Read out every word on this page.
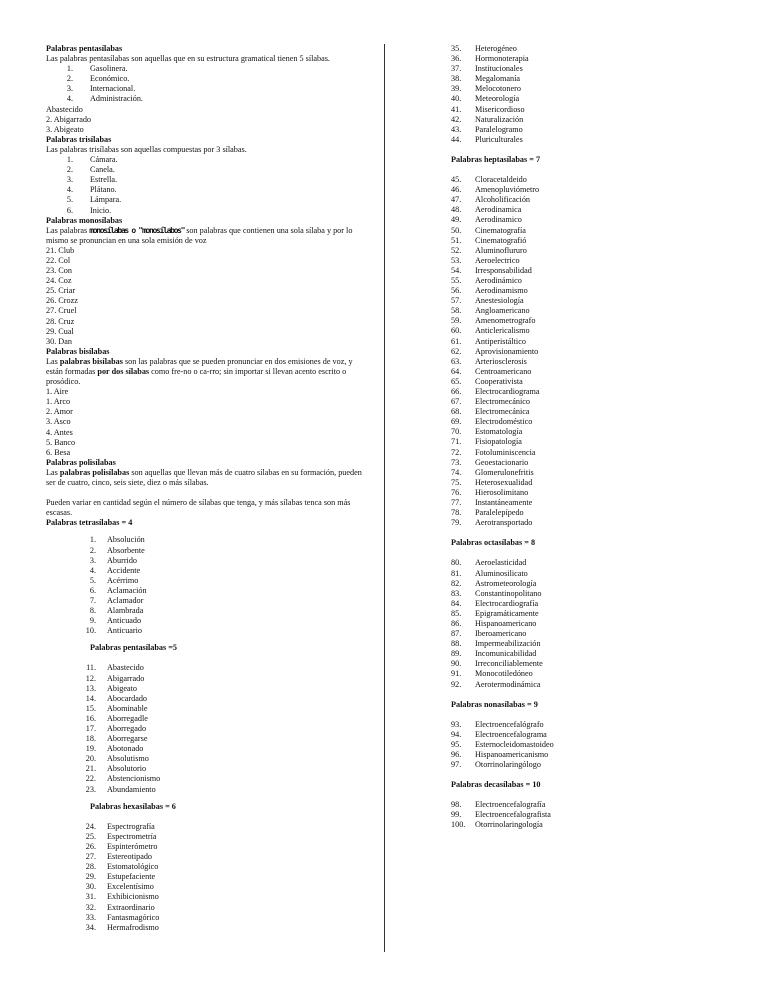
Palabras pentasílabas
Las palabras pentasílabas son aquellas que en su estructura gramatical tienen 5 sílabas.
1. Gasolinera.
2. Económico.
3. Internacional.
4. Administración.
Abastecido
2. Abigarrado
3. Abigeato
Palabras trisílabas
Las palabras trisílabas son aquellas compuestas por 3 sílabas.
1. Cámara.
2. Canela.
3. Estrella.
4. Plátano.
5. Lámpara.
6. Inicio.
Palabras monosílabas
Las palabras monosílabas o "monosílabos" son palabras que contienen una sola sílaba y por lo mismo se pronuncian en una sola emisión de voz
21. Club
22. Col
23. Con
24. Coz
25. Criar
26. Crozz
27. Cruel
28. Cruz
29. Cual
30. Dan
Palabras bisílabas
Las palabras bisílabas son las palabras que se pueden pronunciar en dos emisiones de voz, y están formadas por dos sílabas como fre-no o ca-rro; sin importar si llevan acento escrito o prosódico.
1. Aire
1. Arco
2. Amor
3. Asco
4. Antes
5. Banco
6. Besa
Palabras polisílabas
Las palabras polisílabas son aquellas que llevan más de cuatro sílabas en su formación, pueden ser de cuatro, cinco, seis siete, diez o más sílabas.
Pueden variar en cantidad según el número de sílabas que tenga, y más sílabas tenca son más escasas.
Palabras tetrasílabas = 4
1. Absolución
2. Absorbente
3. Aburrido
4. Accidente
5. Acérrimo
6. Aclamación
7. Aclamador
8. Alambrada
9. Anticuado
10. Anticuario
Palabras pentasílabas =5
11. Abastecido
12. Abigarrado
13. Abigeato
14. Abocardado
15. Abominable
16. Aborregadle
17. Aborregado
18. Aborregarse
19. Abotonado
20. Absolutismo
21. Absolutorio
22. Abstencionismo
23. Abundamiento
Palabras hexasílabas = 6
24. Espectrografía
25. Espectrometría
26. Espinterómetro
27. Estereotipado
28. Estomatológico
29. Estupefaciente
30. Excelentísimo
31. Exhibicionismo
32. Extraordinario
33. Fantasmagórico
34. Hermafrodismo
35. Heterogéneo
36. Hormonoterapia
37. Institucionales
38. Megalomanía
39. Melocotonero
40. Meteorología
41. Misericordioso
42. Naturalización
43. Paralelogramo
44. Pluriculturales
Palabras heptasílabas = 7
45. Cloracetaldeido
46. Amenopluviómetro
47. Alcoholificación
48. Aerodinamica
49. Aerodinamico
50. Cinematografía
51. Cinematografió
52. Aluminoflururo
53. Aeroelectrico
54. Irresponsabilidad
55. Aerodinámico
56. Aerodinamismo
57. Anestesiología
58. Angloamericano
59. Amenometrografo
60. Anticlericalismo
61. Antiperistáltico
62. Aprovisionamiento
63. Arteriosclerosis
64. Centroamericano
65. Cooperativista
66. Electrocardiograma
67. Electromecánico
68. Electromecánica
69. Electrodoméstico
70. Estomatología
71. Fisiopatología
72. Fotoluminiscencia
73. Geoestacionario
74. Glomerulonefritis
75. Heterosexualidad
76. Hierosolimitano
77. Instantáneamente
78. Paralelepípedo
79. Aerotransportado
Palabras octasílabas = 8
80. Aeroelasticidad
81. Aluminosilicato
82. Astrometeorología
83. Constantinopolitano
84. Electrocardiografía
85. Epigramáticamente
86. Hispanoamericano
87. Iberoamericano
88. Impermeabilización
89. Incomunicabilidad
90. Irreconciliablemente
91. Monocotiledóneo
92. Aerotermodinámica
Palabras nonasílabas = 9
93. Electroencefalógrafo
94. Electroencefalograma
95. Esternocleidomastoideo
96. Hispanoamericanismo
97. Otorrinolaringólogo
Palabras decasílabas = 10
98. Electroencefalografía
99. Electroencefalografista
100. Otorrinolaringología
